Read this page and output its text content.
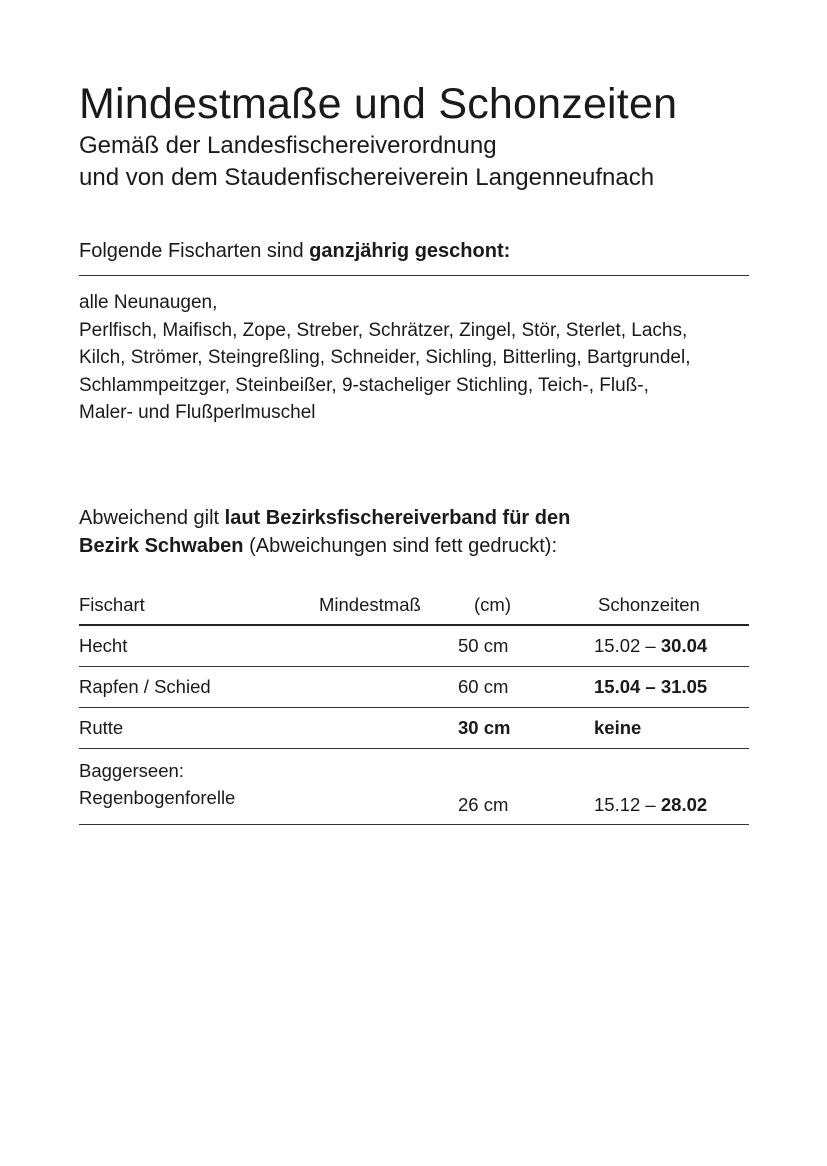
Mindestmaße und Schonzeiten

Gemäß der Landesfischereiverordnung

und von dem Staudenfischereiverein Langenneufnach

Folgende Fischarten sind ganzjährig geschont:
alle Neunaugen,
Perlfisch, Maifisch, Zope, Streber, Schrätzer, Zingel, Stör, Sterlet, Lachs,
Kilch, Strömer, Steingreßling, Schneider, Sichling, Bitterling, Bartgrundel,
Schlammpeitzger, Steinbeißer, 9-stacheliger Stichling, Teich-, Fluß-,
Maler- und Flußperlmuschel
Abweichend gilt laut Bezirksfischereiverband für den
Bezirk Schwaben (Abweichungen sind fett gedruckt):
Fischart	Mindestmaß	(cm)	Schonzeiten
Hecht	50 cm	15.02 – 30.04
Rapfen / Schied	60 cm	15.04 – 31.05
Rutte	30 cm	keine
Baggerseen:
Regenbogenforelle	26 cm	15.12 – 28.02
